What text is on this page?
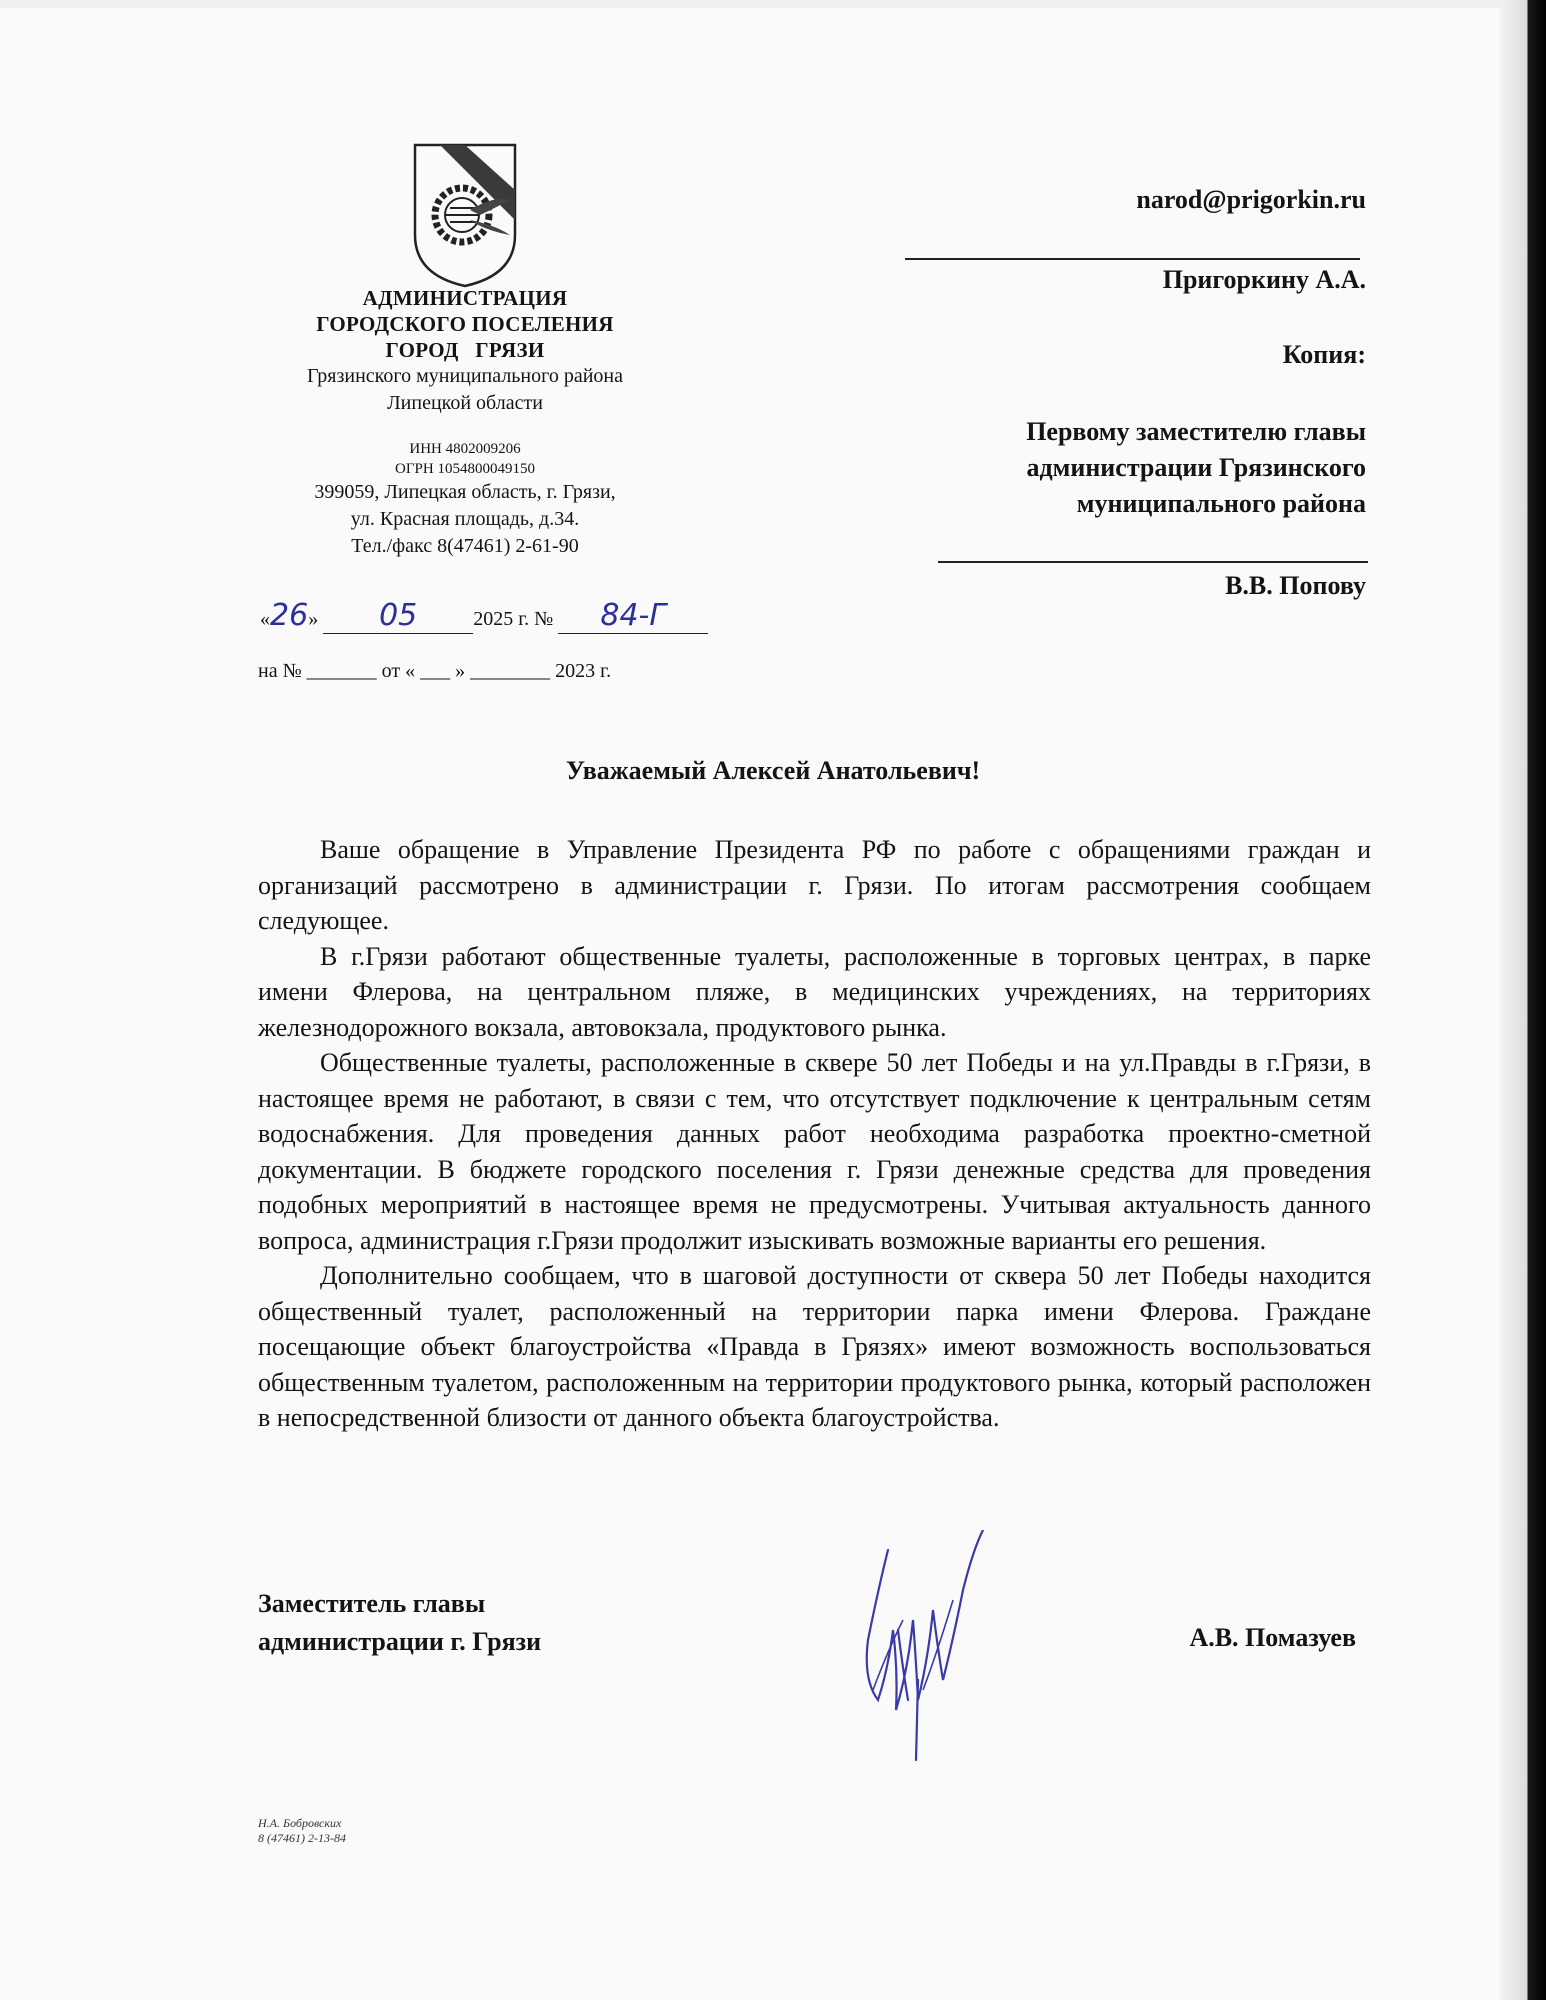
АДМИНИСТРАЦИЯ
ГОРОДСКОГО ПОСЕЛЕНИЯ
ГОРОД   ГРЯЗИ
Грязинского муниципального района
Липецкой области
ИНН 4802009206
ОГРН 1054800049150
399059, Липецкая область, г. Грязи,
ул. Красная площадь, д.34.
Тел./факс 8(47461) 2-61-90
«26» 05	2025 г. № 84-Г
на № _______ от « ___ » ________ 2023 г.
narod@prigorkin.ru
Пригоркину А.А.
Копия:
Первому заместителю главы
администрации Грязинского
муниципального района
В.В. Попову
Уважаемый Алексей Анатольевич!

Ваше обращение в Управление Президента РФ по работе с обращениями граждан и организаций рассмотрено в администрации г. Грязи. По итогам рассмотрения сообщаем следующее.

В г.Грязи работают общественные туалеты, расположенные в торговых центрах, в парке имени Флерова, на центральном пляже, в медицинских учреждениях, на территориях железнодорожного вокзала, автовокзала, продуктового рынка.

Общественные туалеты, расположенные в сквере 50 лет Победы и на ул.Правды в г.Грязи, в настоящее время не работают, в связи с тем, что отсутствует подключение к центральным сетям водоснабжения. Для проведения данных работ необходима разработка проектно-сметной документации. В бюджете городского поселения г. Грязи денежные средства для проведения подобных мероприятий в настоящее время не предусмотрены. Учитывая актуальность данного вопроса, администрация г.Грязи продолжит изыскивать возможные варианты его решения.

Дополнительно сообщаем, что в шаговой доступности от сквера 50 лет Победы находится общественный туалет, расположенный на территории парка имени Флерова. Граждане посещающие объект благоустройства «Правда в Грязях» имеют возможность воспользоваться общественным туалетом, расположенным на территории продуктового рынка, который расположен в непосредственной близости от данного объекта благоустройства.

Заместитель главы
администрации г. Грязи	А.В. Помазуев
Н.А. Бобровских
8 (47461) 2-13-84
